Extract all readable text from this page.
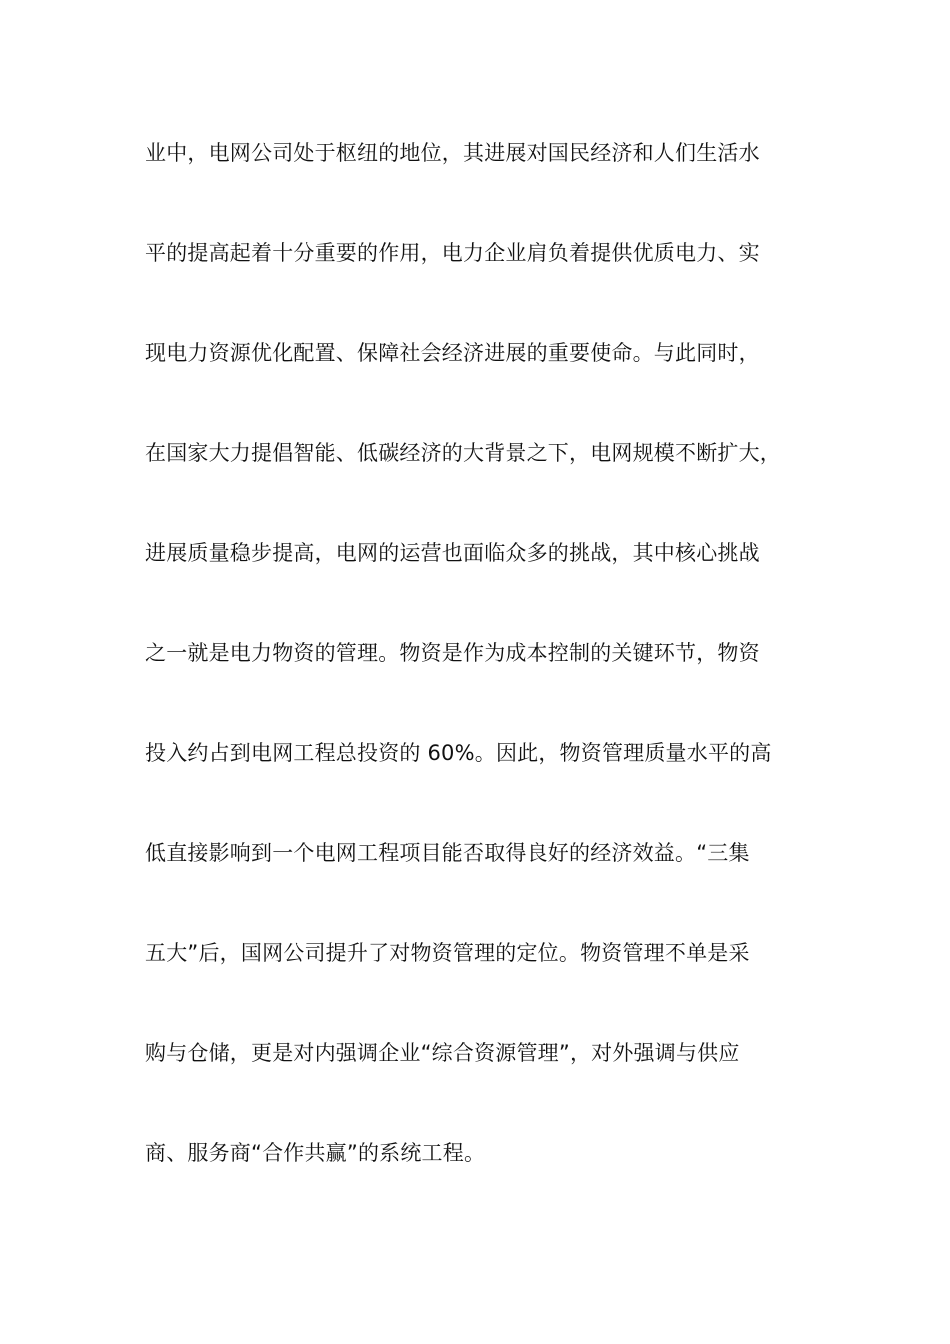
业中，电网公司处于枢纽的地位，其进展对国民经济和人们生活水
平的提高起着十分重要的作用，电力企业肩负着提供优质电力、实
现电力资源优化配置、保障社会经济进展的重要使命。与此同时，
在国家大力提倡智能、低碳经济的大背景之下，电网规模不断扩大，
进展质量稳步提高，电网的运营也面临众多的挑战，其中核心挑战
之一就是电力物资的管理。物资是作为成本控制的关键环节，物资
投入约占到电网工程总投资的 60%。因此，物资管理质量水平的高
低直接影响到一个电网工程项目能否取得良好的经济效益。“三集
五大”后，国网公司提升了对物资管理的定位。物资管理不单是采
购与仓储，更是对内强调企业“综合资源管理”，对外强调与供应
商、服务商“合作共赢”的系统工程。
